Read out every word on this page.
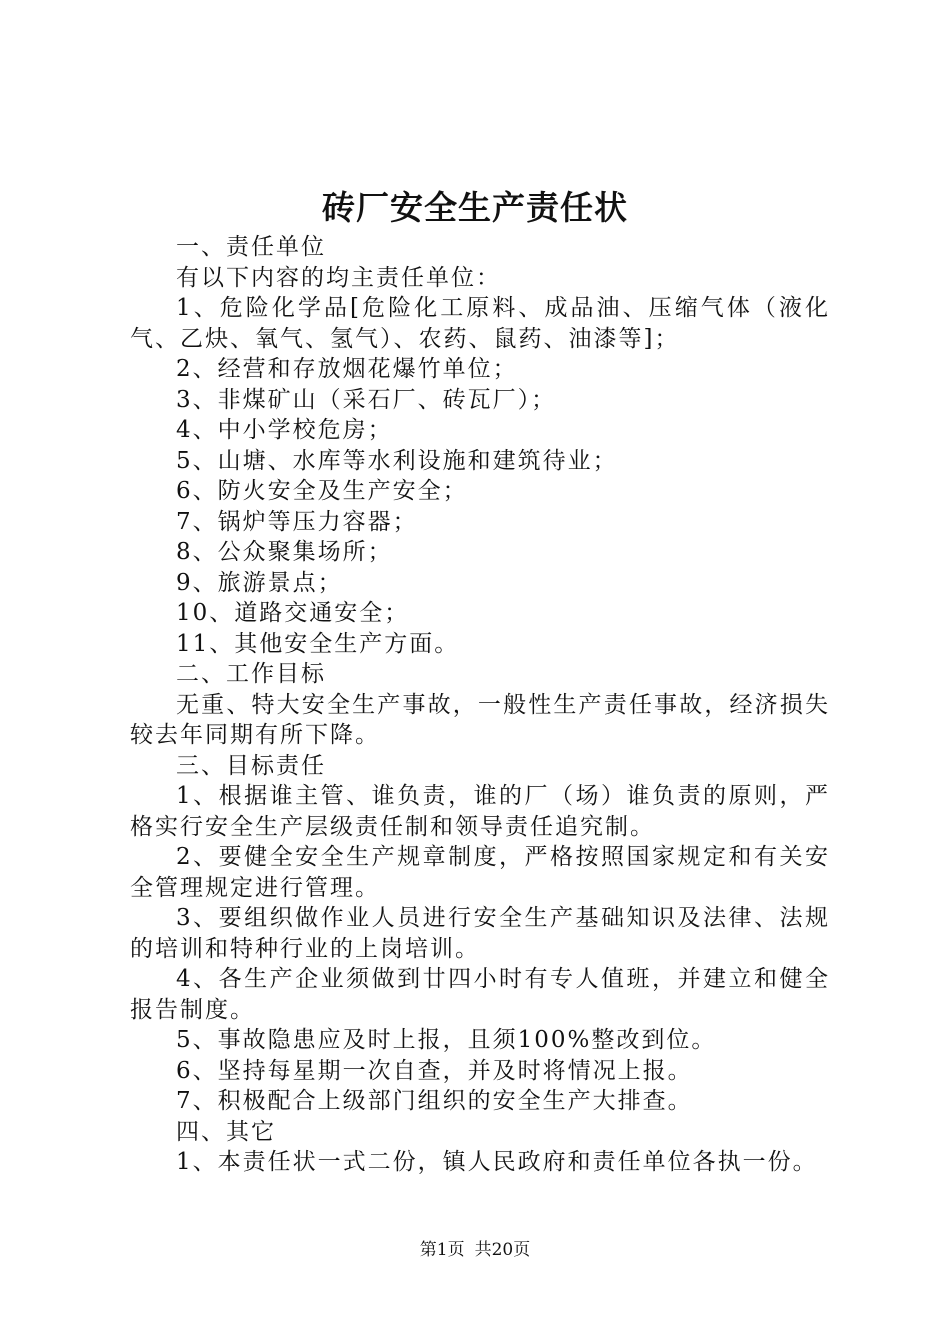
砖厂安全生产责任状

一、责任单位

有以下内容的均主责任单位：

1、危险化学品[危险化工原料、成品油、压缩气体（液化气、乙炔、氧气、氢气）、农药、鼠药、油漆等]；

2、经营和存放烟花爆竹单位；

3、非煤矿山（采石厂、砖瓦厂）；

4、中小学校危房；

5、山塘、水库等水利设施和建筑待业；

6、防火安全及生产安全；

7、锅炉等压力容器；

8、公众聚集场所；

9、旅游景点；

10、道路交通安全；

11、其他安全生产方面。

二、工作目标

无重、特大安全生产事故，一般性生产责任事故，经济损失较去年同期有所下降。

三、目标责任

1、根据谁主管、谁负责，谁的厂（场）谁负责的原则，严格实行安全生产层级责任制和领导责任追究制。

2、要健全安全生产规章制度，严格按照国家规定和有关安全管理规定进行管理。

3、要组织做作业人员进行安全生产基础知识及法律、法规的培训和特种行业的上岗培训。

4、各生产企业须做到廿四小时有专人值班，并建立和健全报告制度。

5、事故隐患应及时上报，且须100%整改到位。

6、坚持每星期一次自查，并及时将情况上报。

7、积极配合上级部门组织的安全生产大排查。

四、其它

1、本责任状一式二份，镇人民政府和责任单位各执一份。

第1页 共20页
